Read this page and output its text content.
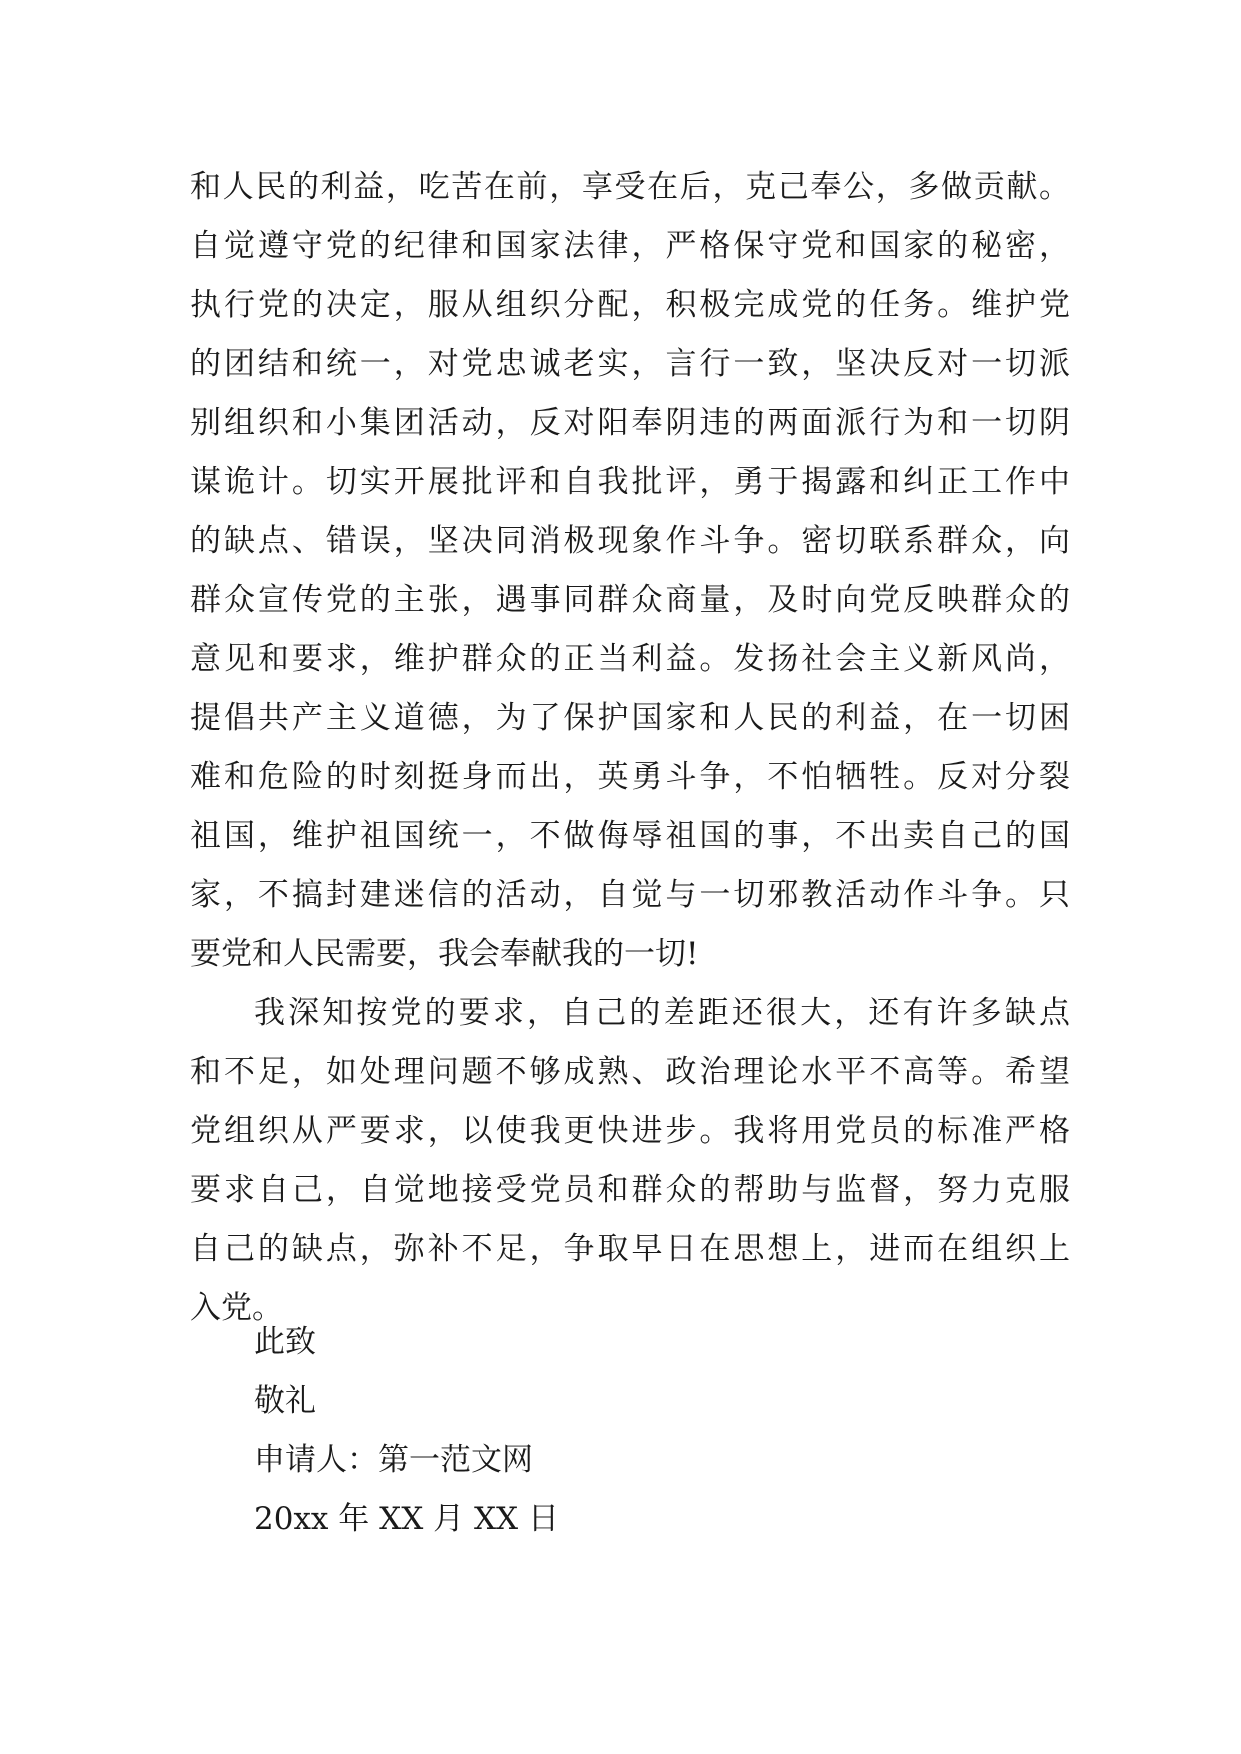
和人民的利益，吃苦在前，享受在后，克己奉公，多做贡献。
自觉遵守党的纪律和国家法律，严格保守党和国家的秘密，
执行党的决定，服从组织分配，积极完成党的任务。维护党
的团结和统一，对党忠诚老实，言行一致，坚决反对一切派
别组织和小集团活动，反对阳奉阴违的两面派行为和一切阴
谋诡计。切实开展批评和自我批评，勇于揭露和纠正工作中
的缺点、错误，坚决同消极现象作斗争。密切联系群众，向
群众宣传党的主张，遇事同群众商量，及时向党反映群众的
意见和要求，维护群众的正当利益。发扬社会主义新风尚，
提倡共产主义道德，为了保护国家和人民的利益，在一切困
难和危险的时刻挺身而出，英勇斗争，不怕牺牲。反对分裂
祖国，维护祖国统一，不做侮辱祖国的事，不出卖自己的国
家，不搞封建迷信的活动，自觉与一切邪教活动作斗争。只
要党和人民需要，我会奉献我的一切!
我深知按党的要求，自己的差距还很大，还有许多缺点
和不足，如处理问题不够成熟、政治理论水平不高等。希望
党组织从严要求，以使我更快进步。我将用党员的标准严格
要求自己，自觉地接受党员和群众的帮助与监督，努力克服
自己的缺点，弥补不足，争取早日在思想上，进而在组织上
入党。
此致
敬礼
申请人：第一范文网
20xx 年 XX 月 XX 日
